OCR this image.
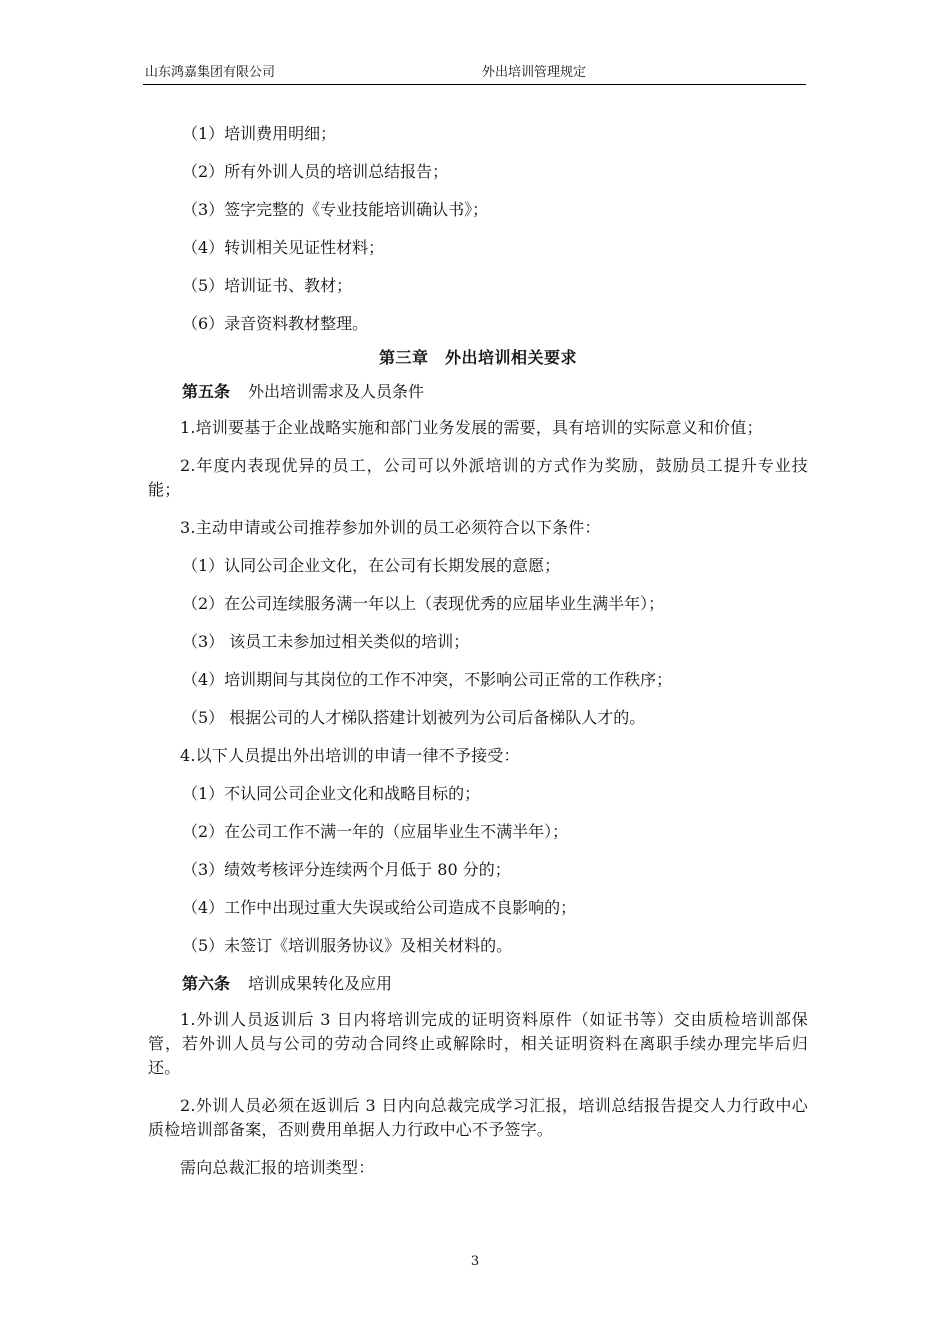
山东鸿嘉集团有限公司	外出培训管理规定

（1）培训费用明细；

（2）所有外训人员的培训总结报告；

（3）签字完整的《专业技能培训确认书》；

（4）转训相关见证性材料；

（5）培训证书、教材；

（6）录音资料教材整理。

第三章　外出培训相关要求

第五条 外出培训需求及人员条件

1.培训要基于企业战略实施和部门业务发展的需要，具有培训的实际意义和价值；

2.年度内表现优异的员工，公司可以外派培训的方式作为奖励，鼓励员工提升专业技能；

3.主动申请或公司推荐参加外训的员工必须符合以下条件：

（1）认同公司企业文化，在公司有长期发展的意愿；

（2）在公司连续服务满一年以上（表现优秀的应届毕业生满半年）；

（3） 该员工未参加过相关类似的培训；

（4）培训期间与其岗位的工作不冲突，不影响公司正常的工作秩序；

（5） 根据公司的人才梯队搭建计划被列为公司后备梯队人才的。

4.以下人员提出外出培训的申请一律不予接受：

（1）不认同公司企业文化和战略目标的；

（2）在公司工作不满一年的（应届毕业生不满半年）；

（3）绩效考核评分连续两个月低于 80 分的；

（4）工作中出现过重大失误或给公司造成不良影响的；

（5）未签订《培训服务协议》及相关材料的。

第六条 培训成果转化及应用

1.外训人员返训后 3 日内将培训完成的证明资料原件（如证书等）交由质检培训部保管，若外训人员与公司的劳动合同终止或解除时，相关证明资料在离职手续办理完毕后归还。

2.外训人员必须在返训后 3 日内向总裁完成学习汇报，培训总结报告提交人力行政中心质检培训部备案，否则费用单据人力行政中心不予签字。

需向总裁汇报的培训类型：

3
